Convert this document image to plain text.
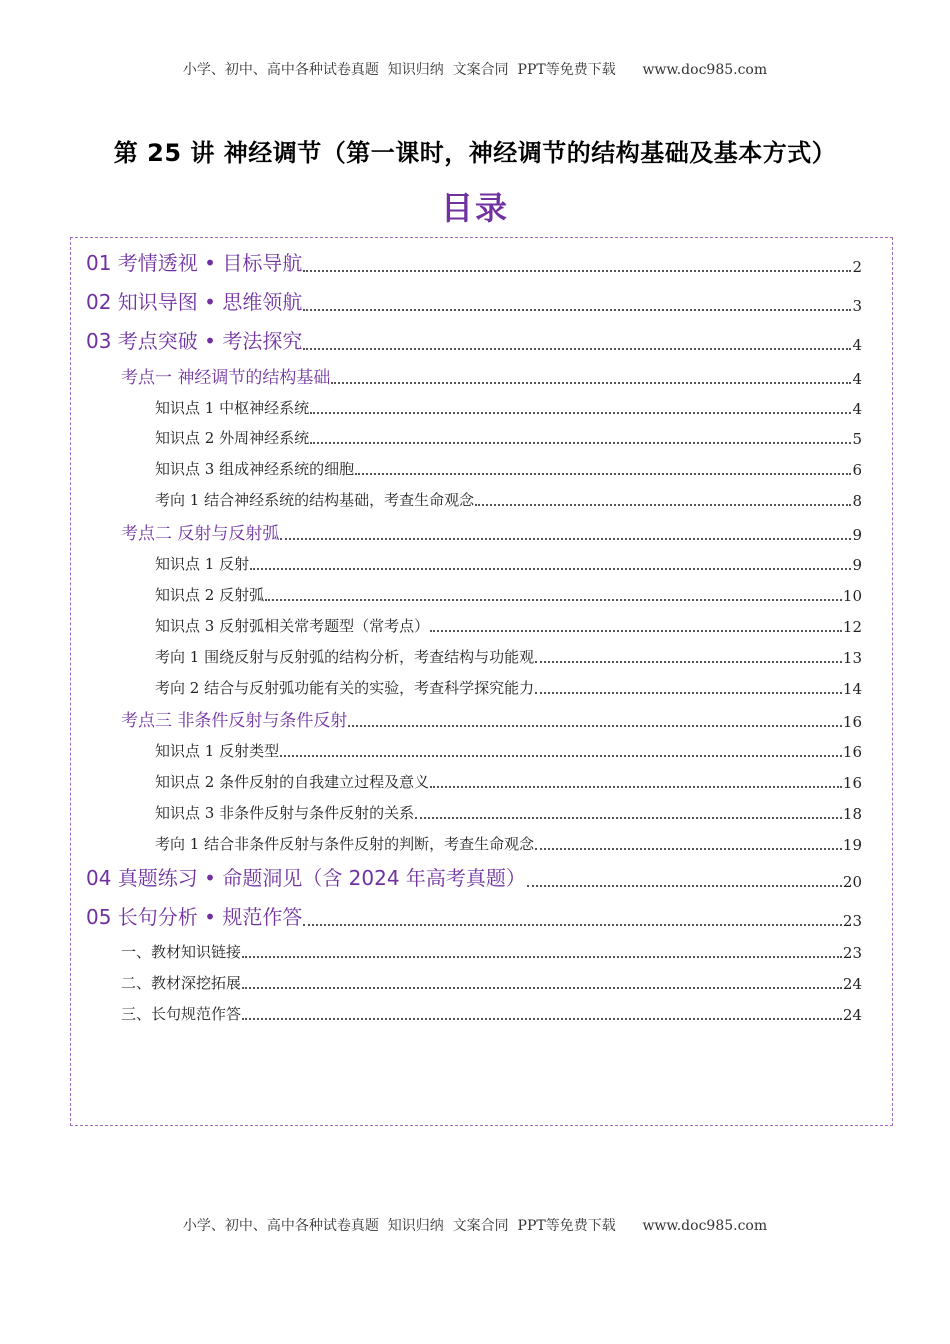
小学、初中、高中各种试卷真题  知识归纳  文案合同  PPT等免费下载      www.doc985.com
第 25 讲 神经调节（第一课时，神经调节的结构基础及基本方式）
目录
01 考情透视 • 目标导航	2
02 知识导图 • 思维领航	3
03 考点突破 • 考法探究	4
考点一 神经调节的结构基础	4
知识点 1 中枢神经系统	4
知识点 2 外周神经系统	5
知识点 3 组成神经系统的细胞	6
考向 1 结合神经系统的结构基础，考查生命观念	8
考点二 反射与反射弧	9
知识点 1 反射	9
知识点 2 反射弧	10
知识点 3 反射弧相关常考题型（常考点）	12
考向 1 围绕反射与反射弧的结构分析，考查结构与功能观	13
考向 2 结合与反射弧功能有关的实验，考查科学探究能力	14
考点三 非条件反射与条件反射	16
知识点 1 反射类型	16
知识点 2 条件反射的自我建立过程及意义	16
知识点 3 非条件反射与条件反射的关系	18
考向 1 结合非条件反射与条件反射的判断，考查生命观念	19
04 真题练习 • 命题洞见（含 2024 年高考真题）	20
05 长句分析 • 规范作答	23
一、教材知识链接	23
二、教材深挖拓展	24
三、长句规范作答	24
小学、初中、高中各种试卷真题  知识归纳  文案合同  PPT等免费下载      www.doc985.com
